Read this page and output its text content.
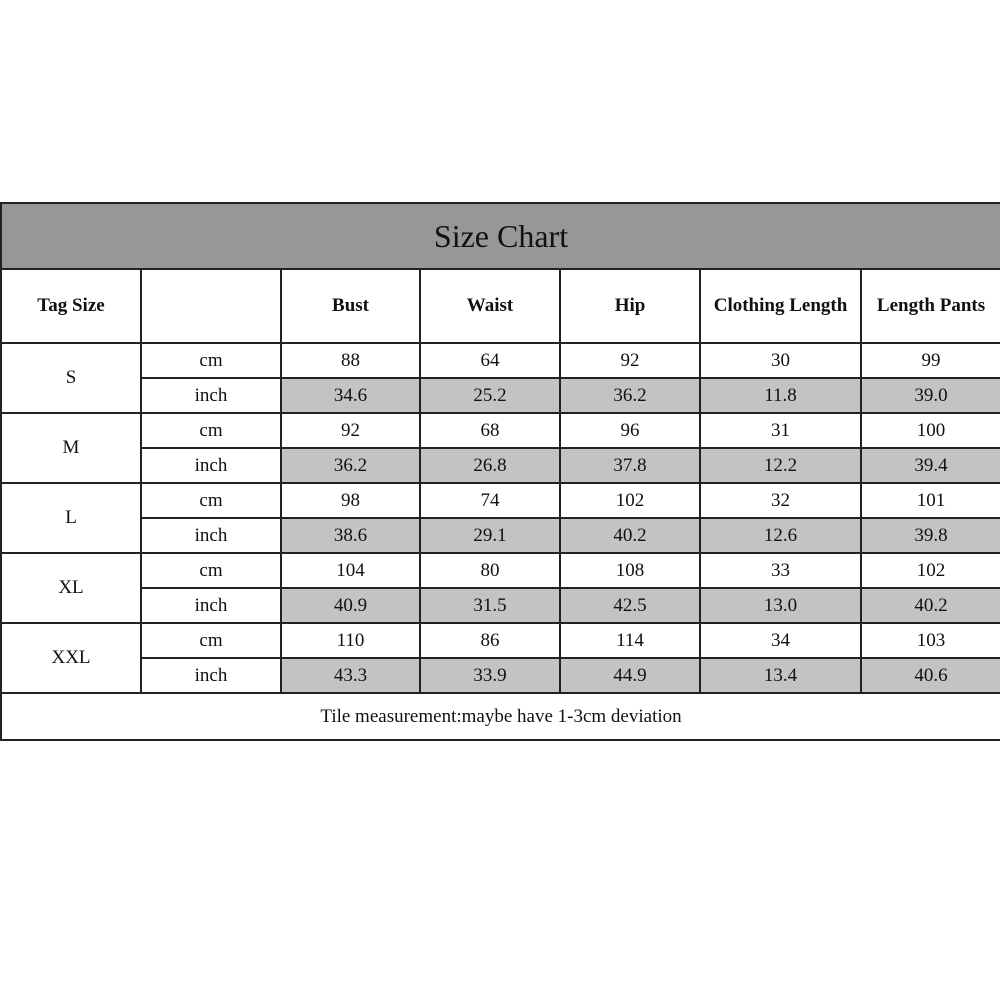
Size Chart						
Tag Size		Bust	Waist	Hip	Clothing Length	Length Pants
S	cm	88	64	92	30	99
	inch	34.6	25.2	36.2	11.8	39.0
M	cm	92	68	96	31	100
	inch	36.2	26.8	37.8	12.2	39.4
L	cm	98	74	102	32	101
	inch	38.6	29.1	40.2	12.6	39.8
XL	cm	104	80	108	33	102
	inch	40.9	31.5	42.5	13.0	40.2
XXL	cm	110	86	114	34	103
	inch	43.3	33.9	44.9	13.4	40.6
Tile measurement:maybe have 1-3cm deviation						
